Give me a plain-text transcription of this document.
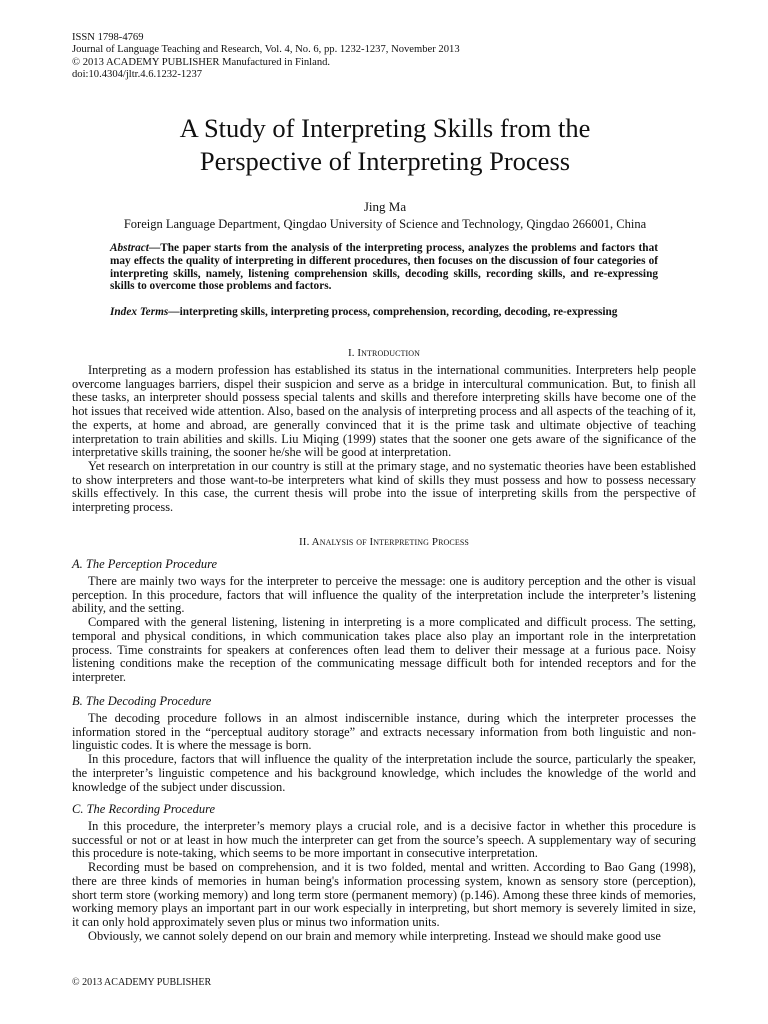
ISSN 1798-4769
Journal of Language Teaching and Research, Vol. 4, No. 6, pp. 1232-1237, November 2013
© 2013 ACADEMY PUBLISHER Manufactured in Finland.
doi:10.4304/jltr.4.6.1232-1237
A Study of Interpreting Skills from the
Perspective of Interpreting Process
Jing Ma
Foreign Language Department, Qingdao University of Science and Technology, Qingdao 266001, China
Abstract—The paper starts from the analysis of the interpreting process, analyzes the problems and factors that may effects the quality of interpreting in different procedures, then focuses on the discussion of four categories of interpreting skills, namely, listening comprehension skills, decoding skills, recording skills, and re-expressing skills to overcome those problems and factors.
Index Terms—interpreting skills, interpreting process, comprehension, recording, decoding, re-expressing
I. Introduction

Interpreting as a modern profession has established its status in the international communities. Interpreters help people overcome languages barriers, dispel their suspicion and serve as a bridge in intercultural communication. But, to finish all these tasks, an interpreter should possess special talents and skills and therefore interpreting skills have become one of the hot issues that received wide attention. Also, based on the analysis of interpreting process and all aspects of the teaching of it, the experts, at home and abroad, are generally convinced that it is the prime task and ultimate objective of teaching interpretation to train abilities and skills. Liu Miqing (1999) states that the sooner one gets aware of the significance of the interpretative skills training, the sooner he/she will be good at interpretation.

Yet research on interpretation in our country is still at the primary stage, and no systematic theories have been established to show interpreters and those want-to-be interpreters what kind of skills they must possess and how to possess necessary skills effectively. In this case, the current thesis will probe into the issue of interpreting skills from the perspective of interpreting process.

II. Analysis of Interpreting Process
A. The Perception Procedure

There are mainly two ways for the interpreter to perceive the message: one is auditory perception and the other is visual perception. In this procedure, factors that will influence the quality of the interpretation include the interpreter’s listening ability, and the setting.

Compared with the general listening, listening in interpreting is a more complicated and difficult process. The setting, temporal and physical conditions, in which communication takes place also play an important role in the interpretation process. Time constraints for speakers at conferences often lead them to deliver their message at a furious pace. Noisy listening conditions make the reception of the communicating message difficult both for intended receptors and for the interpreter.

B. The Decoding Procedure

The decoding procedure follows in an almost indiscernible instance, during which the interpreter processes the information stored in the “perceptual auditory storage” and extracts necessary information from both linguistic and non-linguistic codes. It is where the message is born.

In this procedure, factors that will influence the quality of the interpretation include the source, particularly the speaker, the interpreter’s linguistic competence and his background knowledge, which includes the knowledge of the world and knowledge of the subject under discussion.

C. The Recording Procedure

In this procedure, the interpreter’s memory plays a crucial role, and is a decisive factor in whether this procedure is successful or not or at least in how much the interpreter can get from the source’s speech. A supplementary way of securing this procedure is note-taking, which seems to be more important in consecutive interpretation.

Recording must be based on comprehension, and it is two folded, mental and written. According to Bao Gang (1998), there are three kinds of memories in human being's information processing system, known as sensory store (perception), short term store (working memory) and long term store (permanent memory) (p.146). Among these three kinds of memories, working memory plays an important part in our work especially in interpreting, but short memory is severely limited in size, it can only hold approximately seven plus or minus two information units.

Obviously, we cannot solely depend on our brain and memory while interpreting. Instead we should make good use

© 2013 ACADEMY PUBLISHER
